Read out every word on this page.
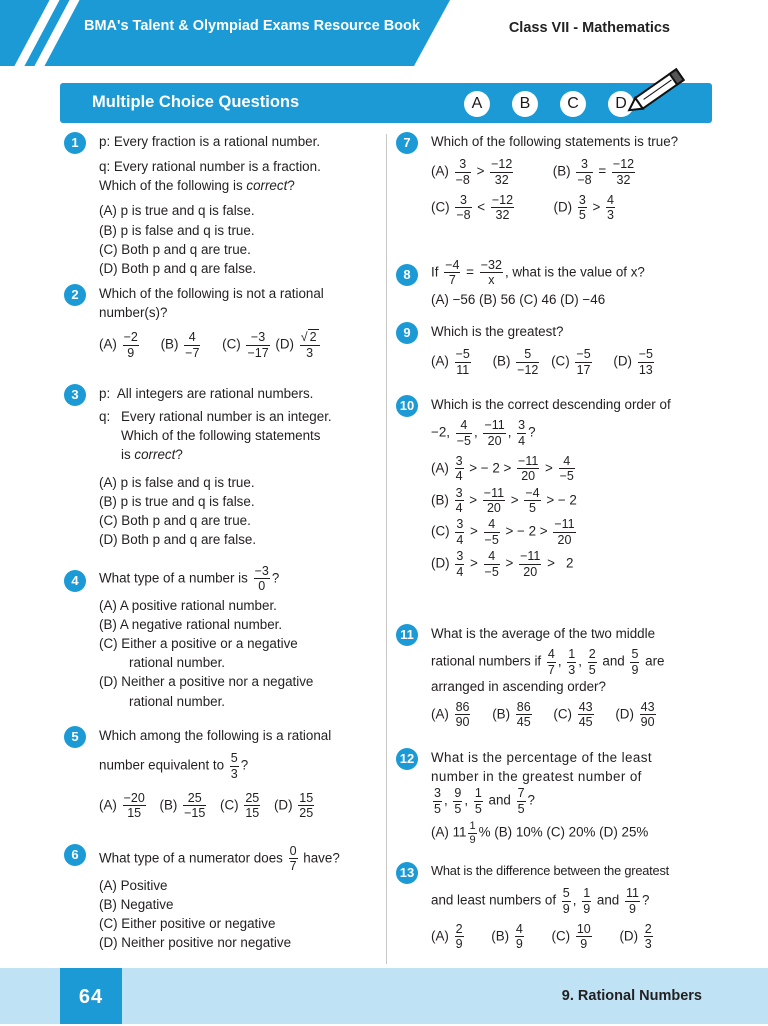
BMA's Talent & Olympiad Exams Resource Book	Class VII - Mathematics
Multiple Choice Questions	A	B	C	D
1	p: Every fraction is a rational number.
q: Every rational number is a fraction.
Which of the following is correct?
(A) p is true and q is false.
(B) p is false and q is true.
(C) Both p and q are true.
(D) Both p and q are false.
2	Which of the following is not a rational
number(s)?
$(A) \frac{-2}{9} (B) \frac{4}{-7} (C) \frac{-3}{-17} (D) \frac{√ 2}{3}$
3	p: All integers are rational numbers.
q: Every rational number is an integer.
Which of the following statements
is correct?
(A) p is false and q is true.
(B) p is true and q is false.
(C) Both p and q are true.
(D) Both p and q are false.
4	What type of a number is $\frac{-3}{0}$ ?
(A) A positive rational number.
(B) A negative rational number.
(C) Either a positive or a negative
rational number.
(D) Neither a positive nor a negative
rational number.
5	Which among the following is a rational
number equivalent to $\frac{5}{3}$ ?
$(A) \frac{-20}{15} (B) \frac{25}{-15} (C) \frac{25}{15} (D) \frac{15}{25}$
6	What type of a numerator does $\frac{0}{7}$ have?
(A) Positive
(B) Negative
(C) Either positive or negative
(D) Neither positive nor negative
7	Which of the following statements is true?
$(A) \frac{3}{-8} > \frac{-12}{32}$	$(B) \frac{3}{-8} = \frac{-12}{32}$
$(C) \frac{3}{-8} < \frac{-12}{32}$	$(D) \frac{3}{5} > \frac{4}{3}$
8	If $\frac{-4}{7} = \frac{-32}{x}$ , what is the value of x?
(A) −56 (B) 56 (C) 46 (D) −46
9	Which is the greatest?
$(A) \frac{-5}{11} (B) \frac{5}{-12} (C) \frac{-5}{17} (D) \frac{-5}{13}$
10 Which is the correct descending order of
−2, $\frac{4}{-5}$ , $\frac{-11}{20}$ , $\frac{3}{4}$ ?
$(A) \frac{3}{4}$ > − $2 > \frac{-11}{20} > \frac{4}{-5}$
$(B) \frac{3}{4} > \frac{-11}{20} > \frac{-4}{5}$ > − 2
$(C) \frac{3}{4} > \frac{4}{-5}$ > − $2 > \frac{-11}{20}$
$(D) \frac{3}{4} > \frac{4}{-5} > \frac{-11}{20} > 2$
11	What is the average of the two middle
rational numbers if $\frac{4}{7}$ , $\frac{1}{3}$ , $\frac{2}{5}$ and $\frac{5}{9}$ are
arranged in ascending order?
$(A) \frac{86}{90} (B) \frac{86}{45} (C) \frac{43}{45} (D) \frac{43}{90}$
12 What is the percentage of the least
number in the greatest number of
$\frac{3}{5}$ , $\frac{9}{5}$ , $\frac{1}{5}$ and $\frac{7}{5}$ ?
(A) $11 \frac{1}{9}$ % (B) 10% (C) 20% (D) 25%
13 What is the difference between the greatest
and least numbers of $\frac{5}{9}$ , $\frac{1}{9}$ and $\frac{11}{9}$ ?
$(A) \frac{2}{9} (B) \frac{4}{9} (C) \frac{10}{9} (D) \frac{2}{3}$
64	9. Rational Numbers
